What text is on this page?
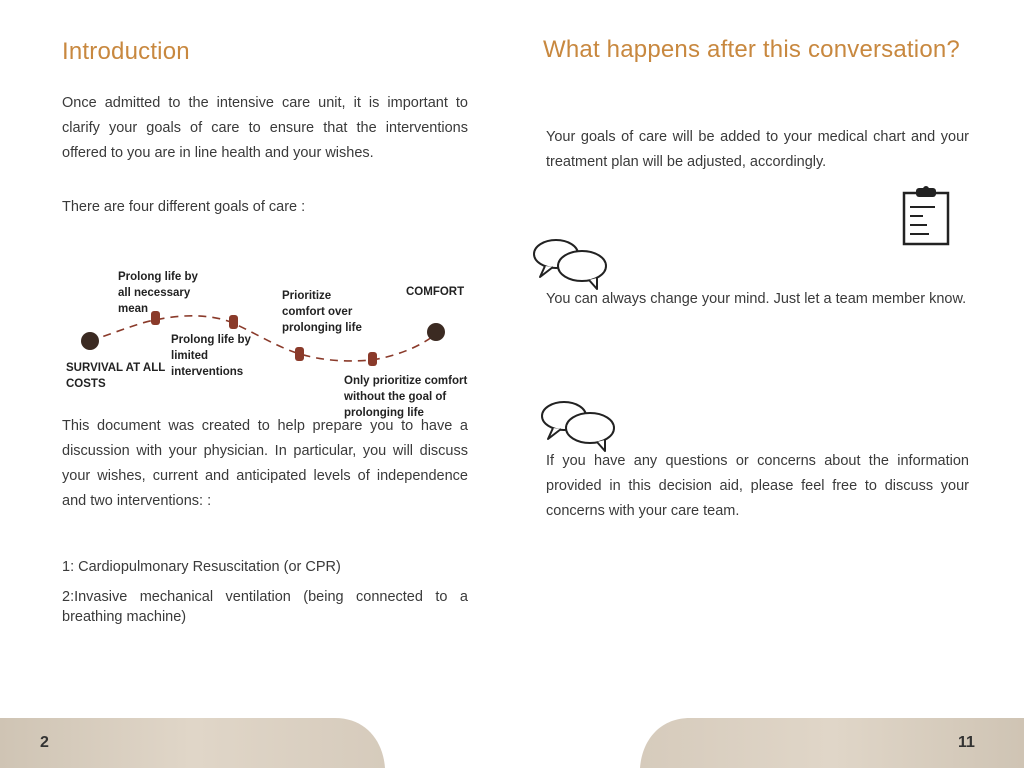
Introduction

Once admitted to the intensive care unit, it is important to clarify your goals of care to ensure that the interventions offered to you are in line health and your wishes.

There are four different goals of care :

SURVIVAL AT ALL COSTS
Prolong life by all necessary mean
Prolong life by limited interventions
Prioritize comfort over prolonging life
Only prioritize comfort without the goal of prolonging life
COMFORT

This document was created to help prepare you to have a discussion with your physician. In particular, you will discuss your wishes, current and anticipated levels of independence and two interventions: :

1: Cardiopulmonary Resuscitation (or CPR)

2:Invasive mechanical ventilation (being connected to a breathing machine)

What happens after this conversation?

Your goals of care will be added to your medical chart and your treatment plan will be adjusted, accordingly.

You can always change your mind. Just let a team member know.

If you have any questions or concerns about the information provided in this decision aid, please feel free to discuss your concerns with your care team.

2	11
